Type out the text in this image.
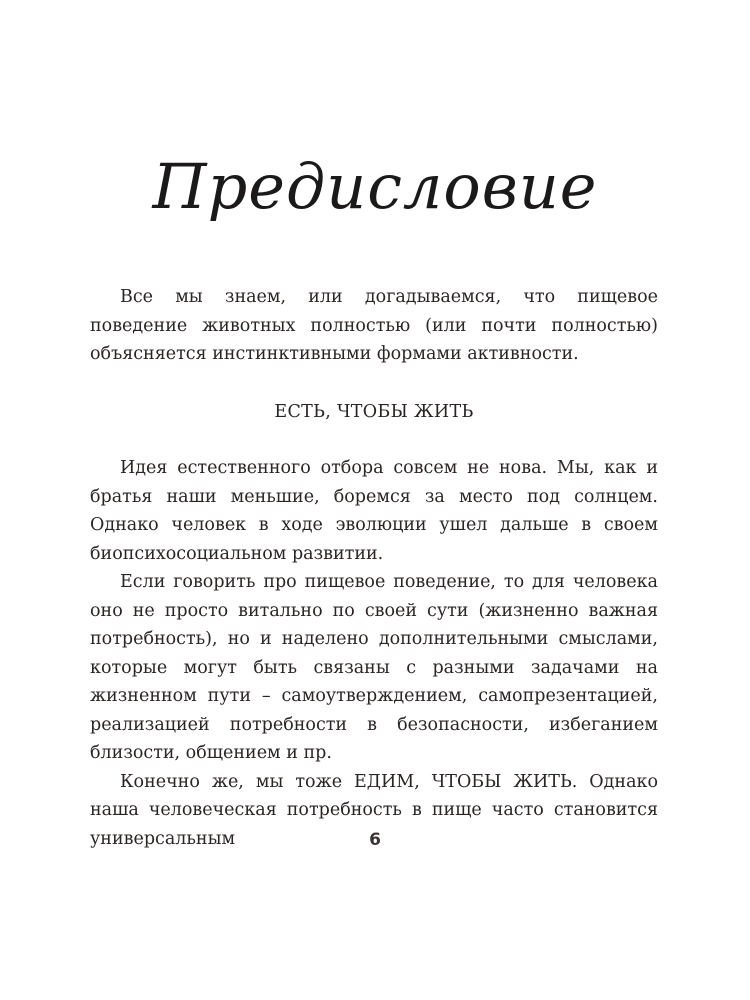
Предисловие

Все мы знаем, или догадываемся, что пищевое поведение животных полностью (или почти полностью) объясняется инстинктивными формами активности.

ЕСТЬ, ЧТОБЫ ЖИТЬ

Идея естественного отбора совсем не нова. Мы, как и братья наши меньшие, боремся за место под солнцем. Однако человек в ходе эволюции ушел дальше в своем биопсихосоциальном развитии.

Если говорить про пищевое поведение, то для человека оно не просто витально по своей сути (жизненно важная потребность), но и наделено дополнительными смыслами, которые могут быть связаны с разными задачами на жизненном пути – самоутверждением, самопрезентацией, реализацией потребности в безопасности, избеганием близости, общением и пр.

Конечно же, мы тоже ЕДИМ, ЧТОБЫ ЖИТЬ. Однако наша человеческая потребность в пище часто становится универсальным	6
